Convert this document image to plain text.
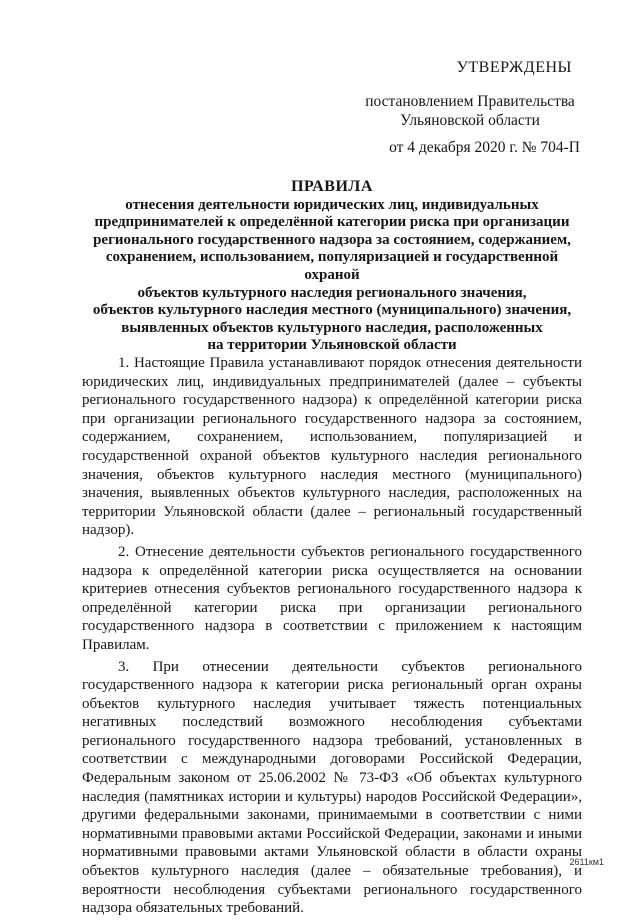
УТВЕРЖДЕНЫ
постановлением Правительства
Ульяновской области
от 4 декабря 2020 г. № 704-П
ПРАВИЛА
отнесения деятельности юридических лиц, индивидуальных
предпринимателей к определённой категории риска при организации
регионального государственного надзора за состоянием, содержанием,
сохранением, использованием, популяризацией и государственной охраной
объектов культурного наследия регионального значения,
объектов культурного наследия местного (муниципального) значения,
выявленных объектов культурного наследия, расположенных
на территории Ульяновской области

1. Настоящие Правила устанавливают порядок отнесения деятельности юридических лиц, индивидуальных предпринимателей (далее – субъекты регионального государственного надзора) к определённой категории риска при организации регионального государственного надзора за состоянием, содержанием, сохранением, использованием, популяризацией и государственной охраной объектов культурного наследия регионального значения, объектов культурного наследия местного (муниципального) значения, выявленных объектов культурного наследия, расположенных на территории Ульяновской области (далее – региональный государственный надзор).

2. Отнесение деятельности субъектов регионального государственного надзора к определённой категории риска осуществляется на основании критериев отнесения субъектов регионального государственного надзора к определённой категории риска при организации регионального государственного надзора в соответствии с приложением к настоящим Правилам.

3. При отнесении деятельности субъектов регионального государственного надзора к категории риска региональный орган охраны объектов культурного наследия учитывает тяжесть потенциальных негативных последствий возможного несоблюдения субъектами регионального государственного надзора требований, установленных в соответствии с международными договорами Российской Федерации, Федеральным законом от 25.06.2002 № 73-ФЗ «Об объектах культурного наследия (памятниках истории и культуры) народов Российской Федерации», другими федеральными законами, принимаемыми в соответствии с ними нормативными правовыми актами Российской Федерации, законами и иными нормативными правовыми актами Ульяновской области в области охраны объектов культурного наследия (далее – обязательные требования), и вероятности несоблюдения субъектами регионального государственного надзора обязательных требований.

2611км1
